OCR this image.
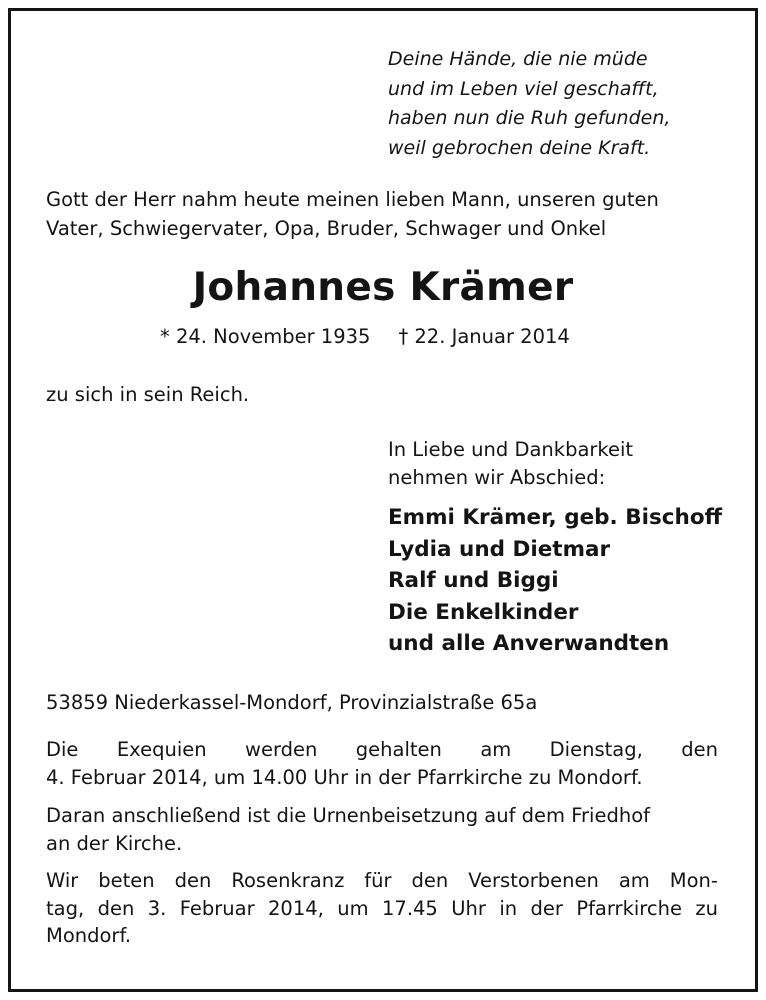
Deine Hände, die nie müde
und im Leben viel geschafft,
haben nun die Ruh gefunden,
weil gebrochen deine Kraft.
Gott der Herr nahm heute meinen lieben Mann, unseren guten
Vater, Schwiegervater, Opa, Bruder, Schwager und Onkel
Johannes Krämer
* 24. November 1935 † 22. Januar 2014
zu sich in sein Reich.
In Liebe und Dankbarkeit
nehmen wir Abschied:
Emmi Krämer, geb. Bischoff
Lydia und Dietmar
Ralf und Biggi
Die Enkelkinder
und alle Anverwandten
53859 Niederkassel-Mondorf, Provinzialstraße 65a
Die Exequien werden gehalten am Dienstag, den
4. Februar 2014, um 14.00 Uhr in der Pfarrkirche zu Mondorf.
Daran anschließend ist die Urnenbeisetzung auf dem Friedhof
an der Kirche.
Wir beten den Rosenkranz für den Verstorbenen am Mon-
tag, den 3. Februar 2014, um 17.45 Uhr in der Pfarrkirche zu
Mondorf.
